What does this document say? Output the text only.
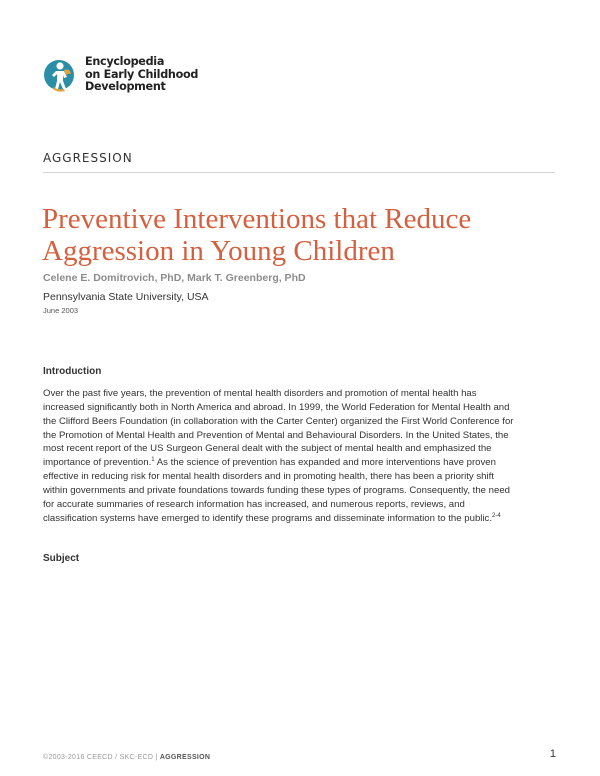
Encyclopedia
on Early Childhood
Development
AGGRESSION
Preventive Interventions that Reduce
Aggression in Young Children
Celene E. Domitrovich, PhD, Mark T. Greenberg, PhD
Pennsylvania State University, USA
June 2003
Introduction
Over the past five years, the prevention of mental health disorders and promotion of mental health has
increased significantly both in North America and abroad. In 1999, the World Federation for Mental Health and
the Clifford Beers Foundation (in collaboration with the Carter Center) organized the First World Conference for
the Promotion of Mental Health and Prevention of Mental and Behavioural Disorders. In the United States, the
most recent report of the US Surgeon General dealt with the subject of mental health and emphasized the
importance of prevention.$^1$ As the science of prevention has expanded and more interventions have proven
effective in reducing risk for mental health disorders and in promoting health, there has been a priority shift
within governments and private foundations towards funding these types of programs. Consequently, the need
for accurate summaries of research information has increased, and numerous reports, reviews, and
classification systems have emerged to identify these programs and disseminate information to the public.$^{2-4}$
Subject
©2003-2016 CEECD / SKC-ECD | AGGRESSION	1
